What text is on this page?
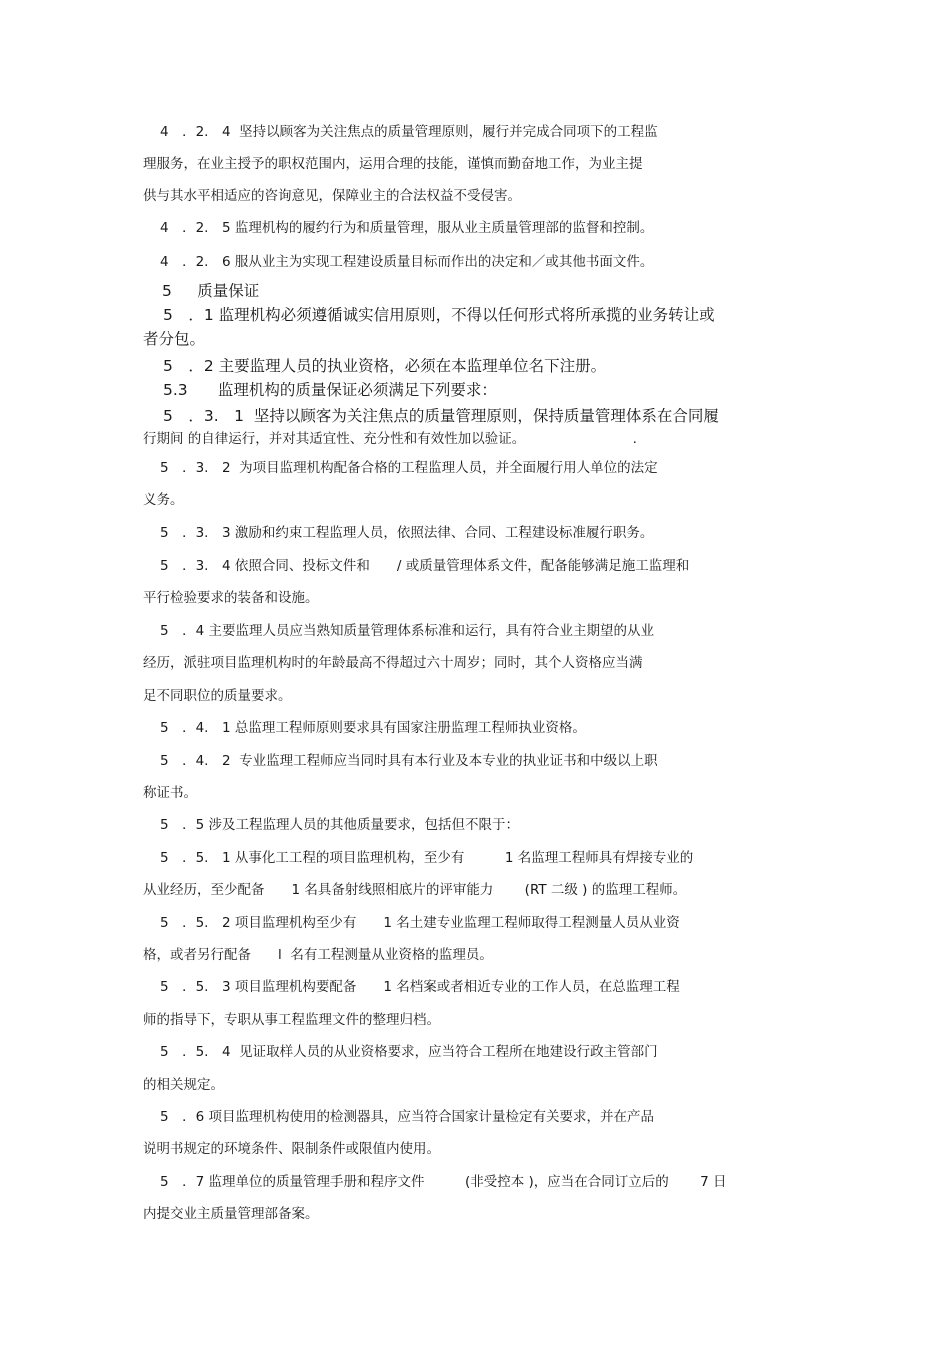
4　．2.　4  坚持以顾客为关注焦点的质量管理原则，履行并完成合同项下的工程监
理服务，在业主授予的职权范围内，运用合理的技能，谨慎而勤奋地工作，为业主提
供与其水平相适应的咨询意见，保障业主的合法权益不受侵害。
4　．2.　5 监理机构的履约行为和质量管理，服从业主质量管理部的监督和控制。
4　．2.　6 服从业主为实现工程建设质量目标而作出的决定和／或其他书面文件。
5　  质量保证
5　．1 监理机构必须遵循诚实信用原则，不得以任何形式将所承揽的业务转让或
者分包。
5　．2 主要监理人员的执业资格，必须在本监理单位名下注册。
5.3　   监理机构的质量保证必须满足下列要求：
5　．3.　1  坚持以顾客为关注焦点的质量管理原则，保持质量管理体系在合同履
行期间 的自律运行，并对其适宜性、充分性和有效性加以验证。                         .
5　．3.　2  为项目监理机构配备合格的工程监理人员，并全面履行用人单位的法定
义务。
5　．3.　3 激励和约束工程监理人员，依照法律、合同、工程建设标准履行职务。
5　．3.　4 依照合同、投标文件和　　/ 或质量管理体系文件，配备能够满足施工监理和
平行检验要求的装备和设施。
5　．4 主要监理人员应当熟知质量管理体系标准和运行，具有符合业主期望的从业
经历，派驻项目监理机构时的年龄最高不得超过六十周岁；同时，其个人资格应当满
足不同职位的质量要求。
5　．4.　1 总监理工程师原则要求具有国家注册监理工程师执业资格。
5　．4.　2  专业监理工程师应当同时具有本行业及本专业的执业证书和中级以上职
称证书。
5　．5 涉及工程监理人员的其他质量要求，包括但不限于：
5　．5.　1 从事化工工程的项目监理机构，至少有　　　1 名监理工程师具有焊接专业的
从业经历，至少配备　　1 名具备射线照相底片的评审能力　　 (RT 二级 ) 的监理工程师。
5　．5.　2 项目监理机构至少有　　1 名土建专业监理工程师取得工程测量人员从业资
格，或者另行配备　　l  名有工程测量从业资格的监理员。
5　．5.　3 项目监理机构要配备　　1 名档案或者相近专业的工作人员，在总监理工程
师的指导下，专职从事工程监理文件的整理归档。
5　．5.　4  见证取样人员的从业资格要求，应当符合工程所在地建设行政主管部门
的相关规定。
5　．6 项目监理机构使用的检测器具，应当符合国家计量检定有关要求，并在产品
说明书规定的环境条件、限制条件或限值内使用。
5　．7 监理单位的质量管理手册和程序文件　　　(非受控本 )，应当在合同订立后的　　 7 日
内提交业主质量管理部备案。
